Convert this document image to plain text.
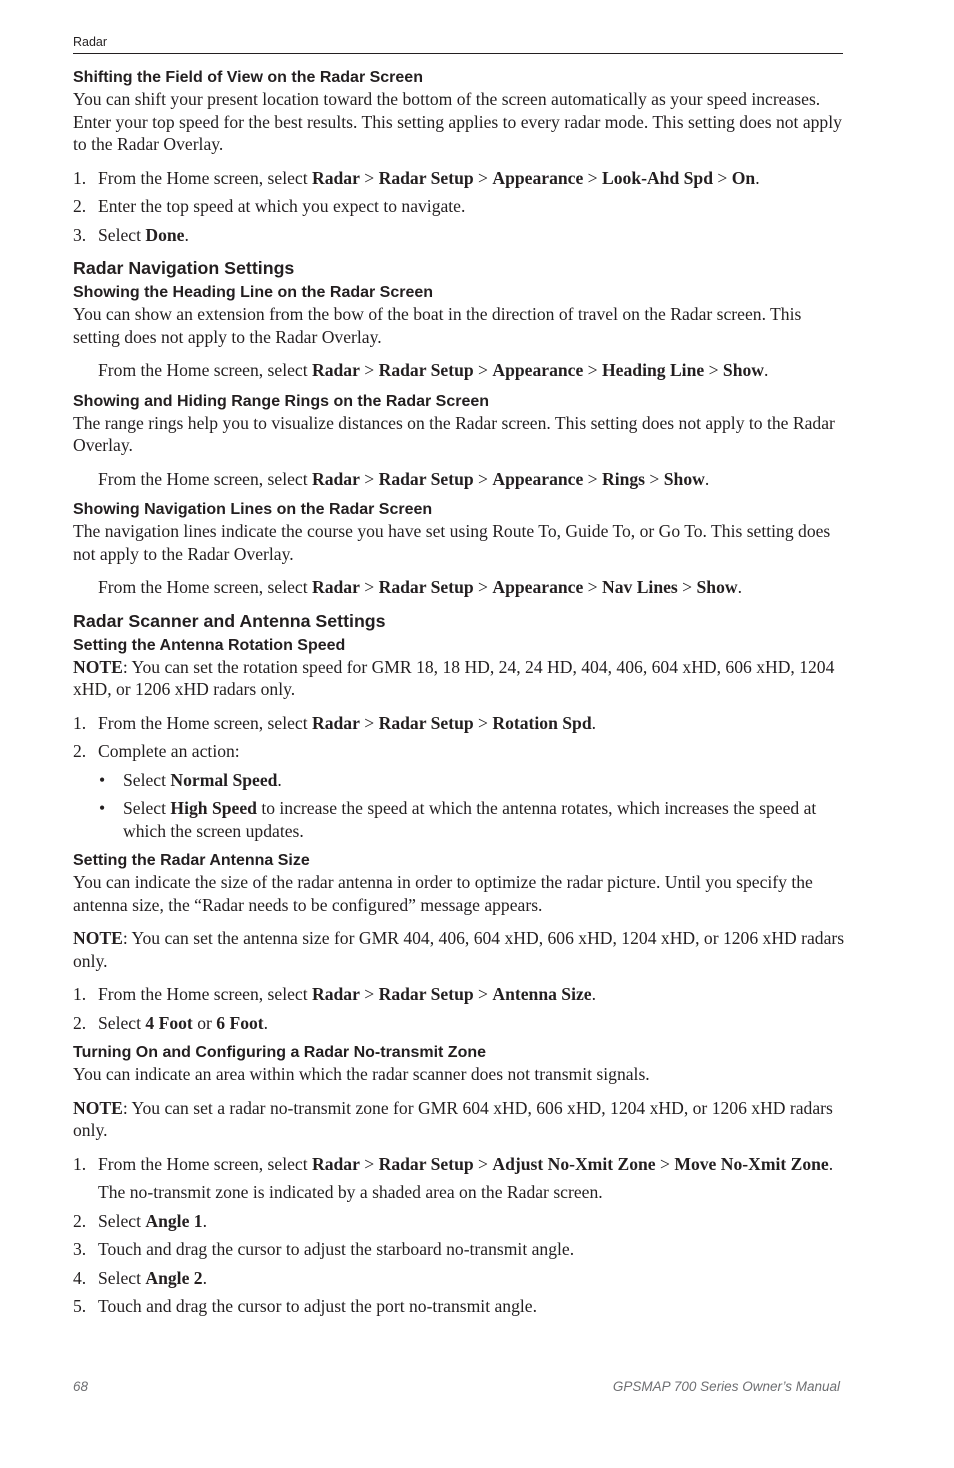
Radar

Shifting the Field of View on the Radar Screen

You can shift your present location toward the bottom of the screen automatically as your speed increases. Enter your top speed for the best results. This setting applies to every radar mode. This setting does not apply to the Radar Overlay.

1. From the Home screen, select Radar > Radar Setup > Appearance > Look-Ahd Spd > On.

2. Enter the top speed at which you expect to navigate.

3. Select Done.

Radar Navigation Settings

Showing the Heading Line on the Radar Screen

You can show an extension from the bow of the boat in the direction of travel on the Radar screen. This setting does not apply to the Radar Overlay.

From the Home screen, select Radar > Radar Setup > Appearance > Heading Line > Show.

Showing and Hiding Range Rings on the Radar Screen

The range rings help you to visualize distances on the Radar screen. This setting does not apply to the Radar Overlay.

From the Home screen, select Radar > Radar Setup > Appearance > Rings > Show.

Showing Navigation Lines on the Radar Screen

The navigation lines indicate the course you have set using Route To, Guide To, or Go To. This setting does not apply to the Radar Overlay.

From the Home screen, select Radar > Radar Setup > Appearance > Nav Lines > Show.

Radar Scanner and Antenna Settings

Setting the Antenna Rotation Speed

NOTE: You can set the rotation speed for GMR 18, 18 HD, 24, 24 HD, 404, 406, 604 xHD, 606 xHD, 1204 xHD, or 1206 xHD radars only.

1. From the Home screen, select Radar > Radar Setup > Rotation Spd.

2. Complete an action:

• Select Normal Speed.

• Select High Speed to increase the speed at which the antenna rotates, which increases the speed at which the screen updates.

Setting the Radar Antenna Size

You can indicate the size of the radar antenna in order to optimize the radar picture. Until you specify the antenna size, the “Radar needs to be configured” message appears.

NOTE: You can set the antenna size for GMR 404, 406, 604 xHD, 606 xHD, 1204 xHD, or 1206 xHD radars only.

1. From the Home screen, select Radar > Radar Setup > Antenna Size.

2. Select 4 Foot or 6 Foot.

Turning On and Configuring a Radar No-transmit Zone

You can indicate an area within which the radar scanner does not transmit signals.

NOTE: You can set a radar no-transmit zone for GMR 604 xHD, 606 xHD, 1204 xHD, or 1206 xHD radars only.

1. From the Home screen, select Radar > Radar Setup > Adjust No-Xmit Zone > Move No-Xmit Zone.

The no-transmit zone is indicated by a shaded area on the Radar screen.

2. Select Angle 1.

3. Touch and drag the cursor to adjust the starboard no-transmit angle.

4. Select Angle 2.

5. Touch and drag the cursor to adjust the port no-transmit angle.

68	GPSMAP 700 Series Owner’s Manual
